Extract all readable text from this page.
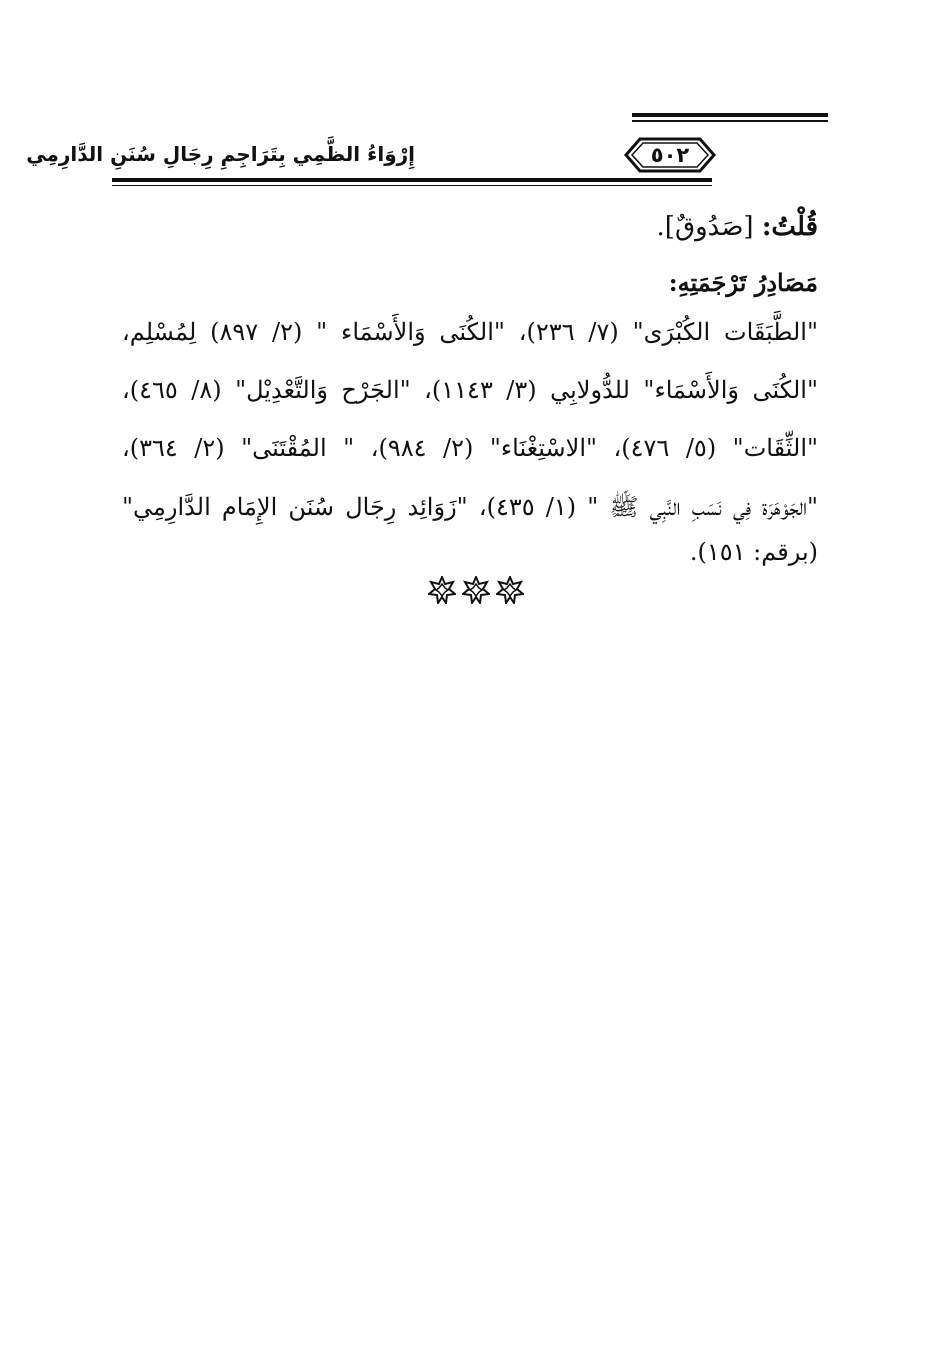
٥٠٢
إِرْوَاءُ الظَّمِي بِتَرَاجِمِ رِجَالِ سُنَنِ الدَّارِمِي
قُلْتُ: [صَدُوقٌ].
مَصَادِرُ تَرْجَمَتِهِ:
"الطَّبَقَات الكُبْرَى" (٧/ ٢٣٦)، "الكُنَى وَالأَسْمَاء " (٢/ ٨٩٧) لِمُسْلِم،
"الكُنَى وَالأَسْمَاء" للدُّولابِي (٣/ ١١٤٣)، "الجَرْح وَالتَّعْدِيْل" (٨/ ٤٦٥)،
"الثِّقَات" (٥/ ٤٧٦)، "الاسْتِغْنَاء" (٢/ ٩٨٤)، " المُقْتَنَى" (٢/ ٣٦٤)،
"الجَوْهَرَة فِي نَسَبِ النَّبِي ﷺ " (١/ ٤٣٥)، "زَوَائِد رِجَال سُنَن الإِمَام الدَّارِمِي"
(برقم: ١٥١).
